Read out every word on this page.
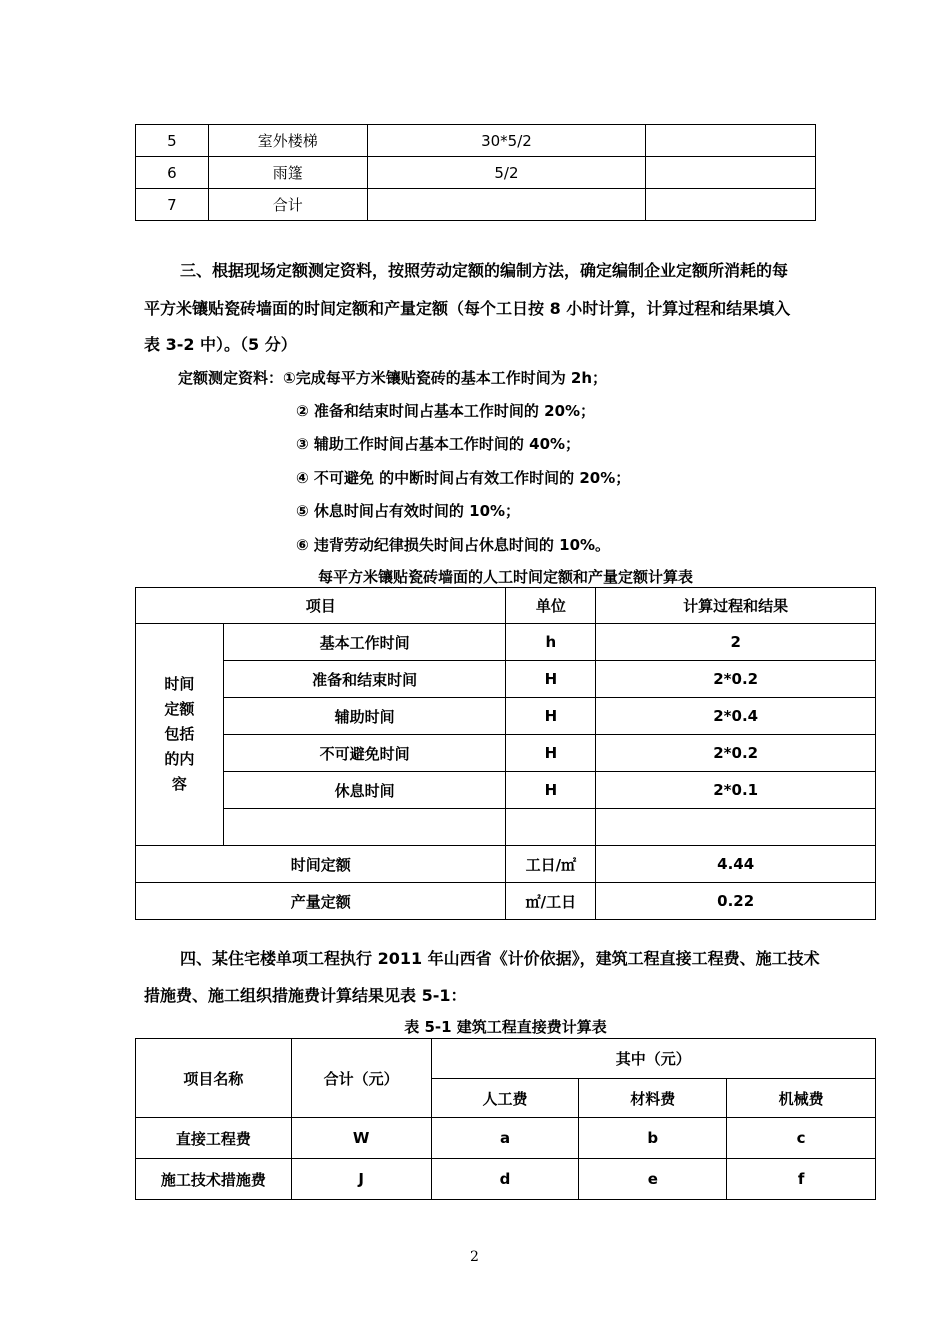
5	室外楼梯	30*5/2	
6	雨篷	5/2	
7	合计		
三、根据现场定额测定资料，按照劳动定额的编制方法，确定编制企业定额所消耗的每
平方米镶贴瓷砖墙面的时间定额和产量定额（每个工日按 8 小时计算，计算过程和结果填入
表 3-2 中）。（5 分）
定额测定资料：①完成每平方米镶贴瓷砖的基本工作时间为 2h；
② 准备和结束时间占基本工作时间的 20%；
③ 辅助工作时间占基本工作时间的 40%；
④ 不可避免 的中断时间占有效工作时间的 20%；
⑤ 休息时间占有效时间的 10%；
⑥ 违背劳动纪律损失时间占休息时间的 10%。
每平方米镶贴瓷砖墙面的人工时间定额和产量定额计算表
项目		单位	计算过程和结果

时间
定额
包括
的内
容	基本工作时间	h	2
	准备和结束时间	H	2*0.2
	辅助时间	H	2*0.4
	不可避免时间	H	2*0.2
	休息时间	H	2*0.1

时间定额		工日/㎡	4.44
产量定额		㎡/工日	0.22
四、某住宅楼单项工程执行 2011 年山西省《计价依据》，建筑工程直接工程费、施工技术
措施费、施工组织措施费计算结果见表 5-1：
表 5-1 建筑工程直接费计算表
项目名称	合计（元）	其中（元）		
		人工费	材料费	机械费
直接工程费	W	a	b	c
施工技术措施费	J	d	e	f
2
